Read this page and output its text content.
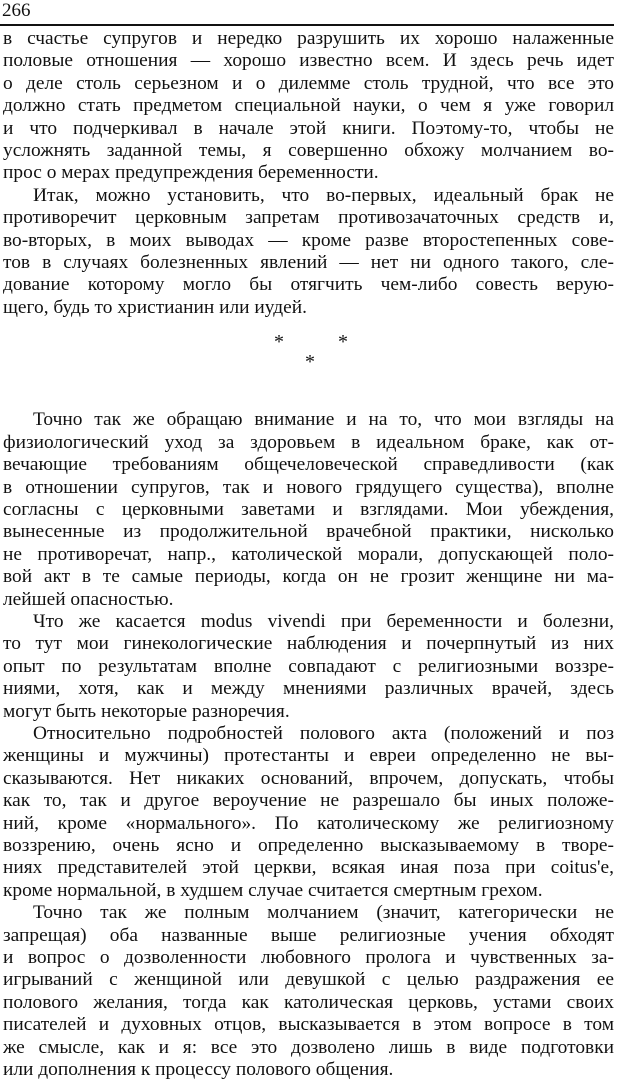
266

в счастье супругов и нередко разрушить их хорошо налаженные
половые отношения — хорошо известно всем. И здесь речь идет
о деле столь серьезном и о дилемме столь трудной, что все это
должно стать предметом специальной науки, о чем я уже говорил
и что подчеркивал в начале этой книги. Поэтому-то, чтобы не
усложнять заданной темы, я совершенно обхожу молчанием во-
прос о мерах предупреждения беременности.

Итак, можно установить, что во-первых, идеальный брак не
противоречит церковным запретам противозачаточных средств и,
во-вторых, в моих выводах — кроме разве второстепенных сове-
тов в случаях болезненных явлений — нет ни одного такого, сле-
дование которому могло бы отягчить чем-либо совесть верую-
щего, будь то христианин или иудей.

*	*
*

Точно так же обращаю внимание и на то, что мои взгляды на
физиологический уход за здоровьем в идеальном браке, как от-
вечающие требованиям общечеловеческой справедливости (как
в отношении супругов, так и нового грядущего существа), вполне
согласны с церковными заветами и взглядами. Мои убеждения,
вынесенные из продолжительной врачебной практики, нисколько
не противоречат, напр., католической морали, допускающей поло-
вой акт в те самые периоды, когда он не грозит женщине ни ма-
лейшей опасностью.

Что же касается modus vivendi при беременности и болезни,
то тут мои гинекологические наблюдения и почерпнутый из них
опыт по результатам вполне совпадают с религиозными воззре-
ниями, хотя, как и между мнениями различных врачей, здесь
могут быть некоторые разноречия.

Относительно подробностей полового акта (положений и поз
женщины и мужчины) протестанты и евреи определенно не вы-
сказываются. Нет никаких оснований, впрочем, допускать, чтобы
как то, так и другое вероучение не разрешало бы иных положе-
ний, кроме «нормального». По католическому же религиозному
воззрению, очень ясно и определенно высказываемому в творе-
ниях представителей этой церкви, всякая иная поза при coitus'e,
кроме нормальной, в худшем случае считается смертным грехом.

Точно так же полным молчанием (значит, категорически не
запрещая) оба названные выше религиозные учения обходят
и вопрос о дозволенности любовного пролога и чувственных за-
игрываний с женщиной или девушкой с целью раздражения ее
полового желания, тогда как католическая церковь, устами своих
писателей и духовных отцов, высказывается в этом вопросе в том
же смысле, как и я: все это дозволено лишь в виде подготовки
или дополнения к процессу полового общения.
